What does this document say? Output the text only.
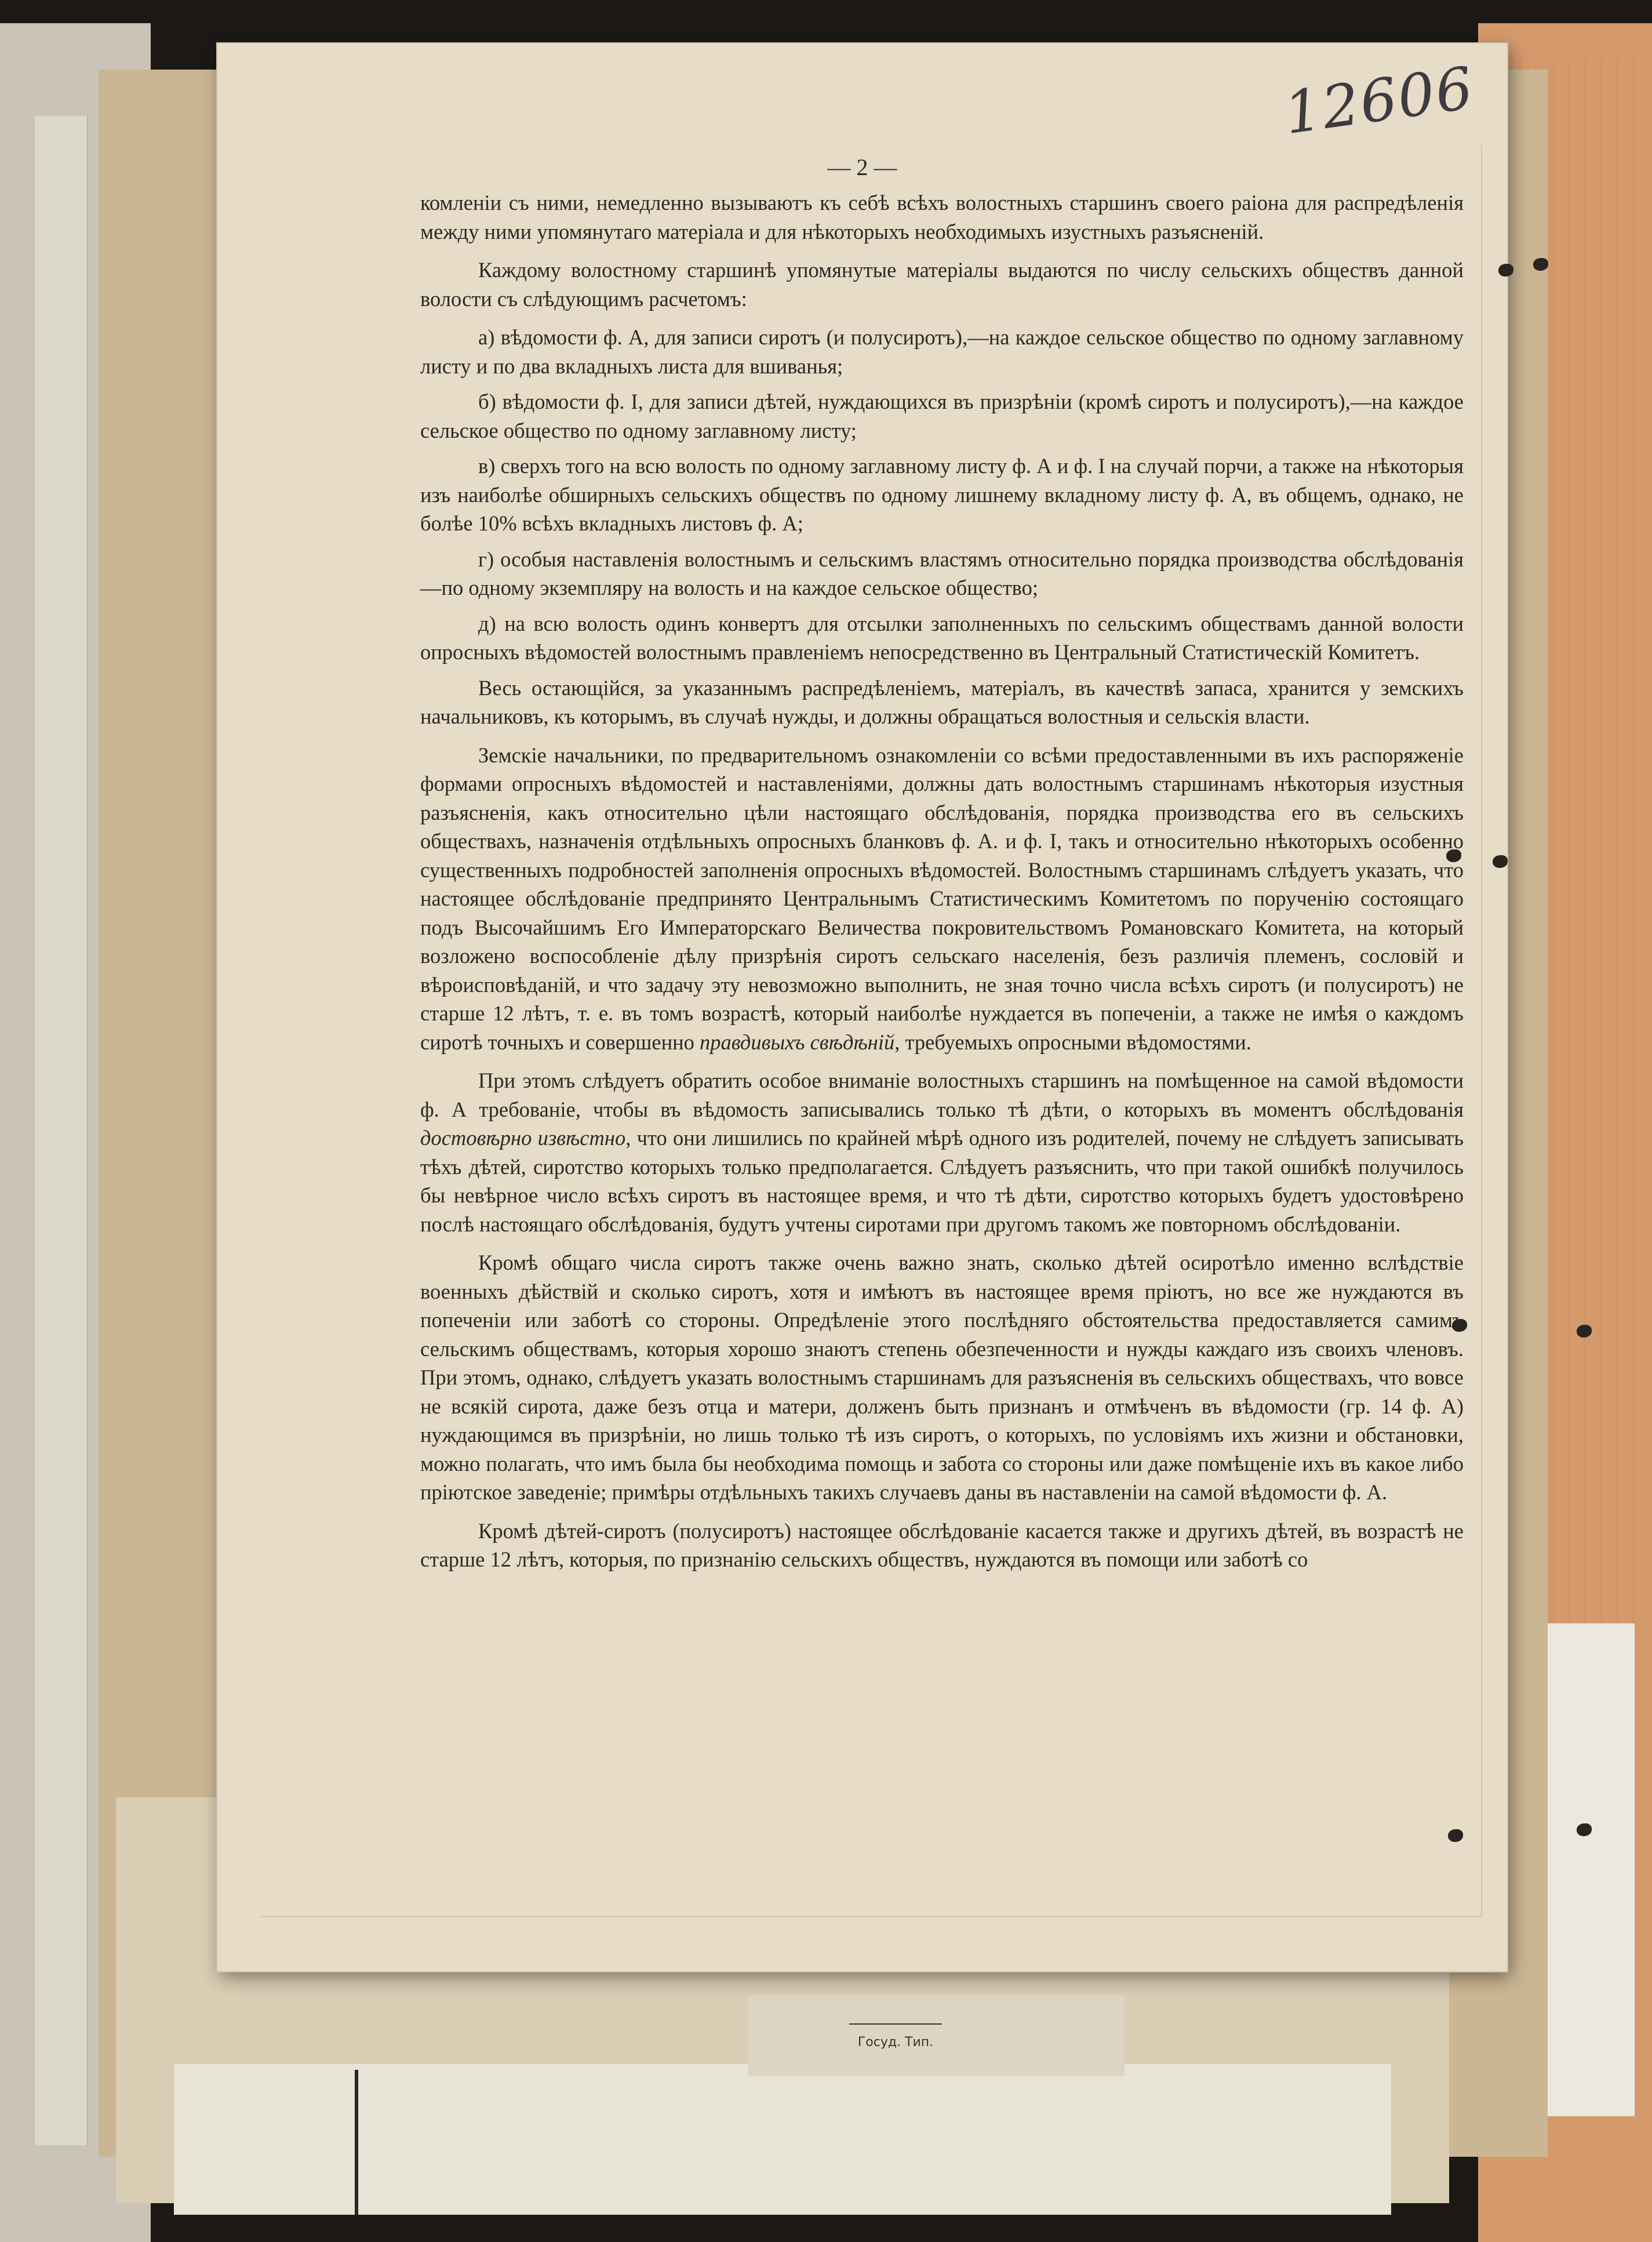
Госуд. Тип.
12606
— 2 —

комленiи съ ними, немедленно вызываютъ къ себѣ всѣхъ волостныхъ старшинъ своего раiона для распредѣленiя между ними упомянутаго матерiала и для нѣкоторыхъ необходимыхъ изустныхъ разъясненiй.

Каждому волостному старшинѣ упомянутые матерiалы выдаются по числу сельскихъ обществъ данной волости съ слѣдующимъ расчетомъ:

а) вѣдомости ф. А, для записи сиротъ (и полусиротъ),—на каждое сельское общество по одному заглавному листу и по два вкладныхъ листа для вшиванья;

б) вѣдомости ф. I, для записи дѣтей, нуждающихся въ призрѣнiи (кромѣ сиротъ и полусиротъ),—на каждое сельское общество по одному заглавному листу;

в) сверхъ того на всю волость по одному заглавному листу ф. А и ф. I на случай порчи, а также на нѣкоторыя изъ наиболѣе обширныхъ сельскихъ обществъ по одному лишнему вкладному листу ф. А, въ общемъ, однако, не болѣе 10% всѣхъ вкладныхъ листовъ ф. А;

г) особыя наставленiя волостнымъ и сельскимъ властямъ относительно порядка производства обслѣдованiя—по одному экземпляру на волость и на каждое сельское общество;

д) на всю волость одинъ конвертъ для отсылки заполненныхъ по сельскимъ обществамъ данной волости опросныхъ вѣдомостей волостнымъ правленiемъ непосредственно въ Центральный Статистическiй Комитетъ.

Весь остающiйся, за указаннымъ распредѣленiемъ, матерiалъ, въ качествѣ запаса, хранится у земскихъ начальниковъ, къ которымъ, въ случаѣ нужды, и должны обращаться волостныя и сельскiя власти.

Земскiе начальники, по предварительномъ ознакомленiи со всѣми предоставленными въ ихъ распоряженiе формами опросныхъ вѣдомостей и наставленiями, должны дать волостнымъ старшинамъ нѣкоторыя изустныя разъясненiя, какъ относительно цѣли настоящаго обслѣдованiя, порядка производства его въ сельскихъ обществахъ, назначенiя отдѣльныхъ опросныхъ бланковъ ф. А. и ф. I, такъ и относительно нѣкоторыхъ особенно существенныхъ подробностей заполненiя опросныхъ вѣдомостей. Волостнымъ старшинамъ слѣдуетъ указать, что настоящее обслѣдованiе предпринято Центральнымъ Статистическимъ Комитетомъ по порученiю состоящаго подъ Высочайшимъ Его Императорскаго Величества покровительствомъ Романовскаго Комитета, на который возложено воспособленiе дѣлу призрѣнiя сиротъ сельскаго населенiя, безъ различiя племенъ, сословiй и вѣроисповѣданiй, и что задачу эту невозможно выполнить, не зная точно числа всѣхъ сиротъ (и полусиротъ) не старше 12 лѣтъ, т. е. въ томъ возрастѣ, который наиболѣе нуждается въ попеченiи, а также не имѣя о каждомъ сиротѣ точныхъ и совершенно правдивыхъ свѣдѣнiй, требуемыхъ опросными вѣдомостями.

При этомъ слѣдуетъ обратить особое вниманiе волостныхъ старшинъ на помѣщенное на самой вѣдомости ф. А требованiе, чтобы въ вѣдомость записывались только тѣ дѣти, о которыхъ въ моментъ обслѣдованiя достовѣрно извѣстно, что они лишились по крайней мѣрѣ одного изъ родителей, почему не слѣдуетъ записывать тѣхъ дѣтей, сиротство которыхъ только предполагается. Слѣдуетъ разъяснить, что при такой ошибкѣ получилось бы невѣрное число всѣхъ сиротъ въ настоящее время, и что тѣ дѣти, сиротство которыхъ будетъ удостовѣрено послѣ настоящаго обслѣдованiя, будутъ учтены сиротами при другомъ такомъ же повторномъ обслѣдованiи.

Кромѣ общаго числа сиротъ также очень важно знать, сколько дѣтей осиротѣло именно вслѣдствiе военныхъ дѣйствiй и сколько сиротъ, хотя и имѣютъ въ настоящее время прiютъ, но все же нуждаются въ попеченiи или заботѣ со стороны. Опредѣленiе этого послѣдняго обстоятельства предоставляется самимъ сельскимъ обществамъ, которыя хорошо знаютъ степень обезпеченности и нужды каждаго изъ своихъ членовъ. При этомъ, однако, слѣдуетъ указать волостнымъ старшинамъ для разъясненiя въ сельскихъ обществахъ, что вовсе не всякiй сирота, даже безъ отца и матери, долженъ быть признанъ и отмѣченъ въ вѣдомости (гр. 14 ф. А) нуждающимся въ призрѣнiи, но лишь только тѣ изъ сиротъ, о которыхъ, по условiямъ ихъ жизни и обстановки, можно полагать, что имъ была бы необходима помощь и забота со стороны или даже помѣщенiе ихъ въ какое либо прiютское заведенiе; примѣры отдѣльныхъ такихъ случаевъ даны въ наставленiи на самой вѣдомости ф. А.

Кромѣ дѣтей-сиротъ (полусиротъ) настоящее обслѣдованiе касается также и другихъ дѣтей, въ возрастѣ не старше 12 лѣтъ, которыя, по признанiю сельскихъ обществъ, нуждаются въ помощи или заботѣ со
